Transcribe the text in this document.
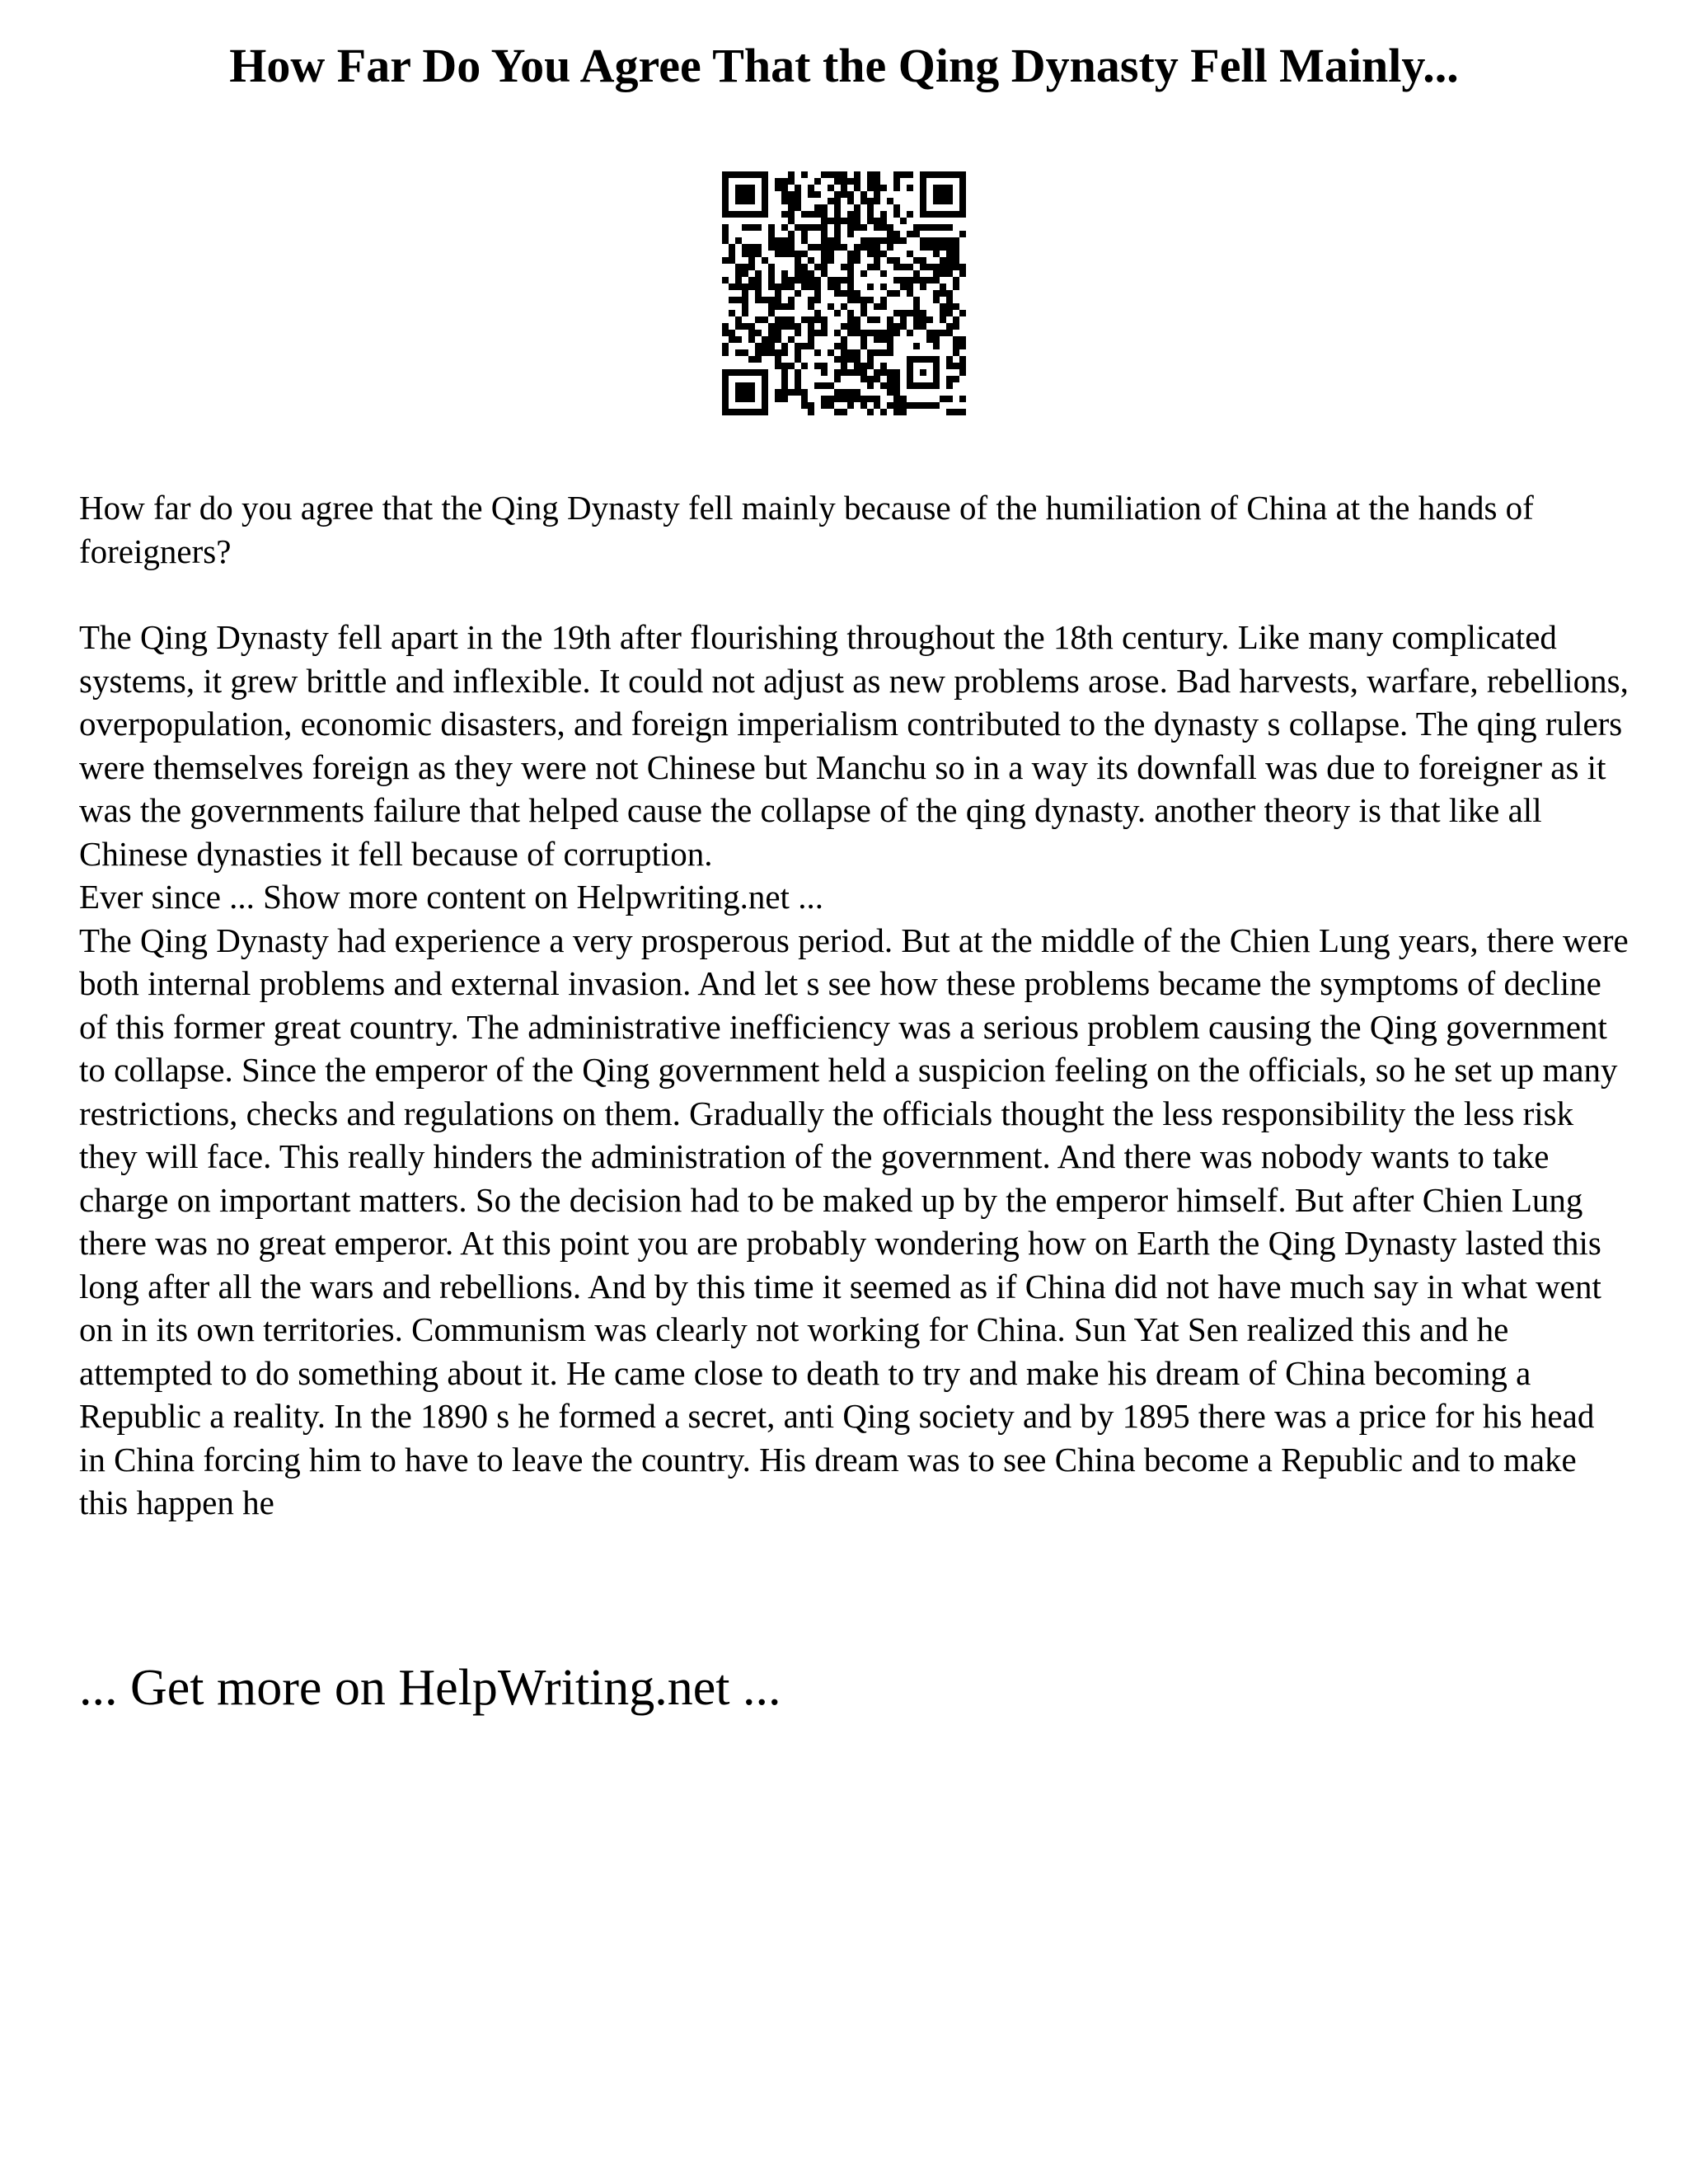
How Far Do You Agree That the Qing Dynasty Fell Mainly...

How far do you agree that the Qing Dynasty fell mainly because of the humiliation of China at the hands of foreigners?

The Qing Dynasty fell apart in the 19th after flourishing throughout the 18th century. Like many complicated systems, it grew brittle and inflexible. It could not adjust as new problems arose. Bad harvests, warfare, rebellions, overpopulation, economic disasters, and foreign imperialism contributed to the dynasty s collapse. The qing rulers were themselves foreign as they were not Chinese but Manchu so in a way its downfall was due to foreigner as it was the governments failure that helped cause the collapse of the qing dynasty. another theory is that like all Chinese dynasties it fell because of corruption.

Ever since ... Show more content on Helpwriting.net ...

The Qing Dynasty had experience a very prosperous period. But at the middle of the Chien Lung years, there were both internal problems and external invasion. And let s see how these problems became the symptoms of decline of this former great country. The administrative inefficiency was a serious problem causing the Qing government to collapse. Since the emperor of the Qing government held a suspicion feeling on the officials, so he set up many restrictions, checks and regulations on them. Gradually the officials thought the less responsibility the less risk they will face. This really hinders the administration of the government. And there was nobody wants to take charge on important matters. So the decision had to be maked up by the emperor himself. But after Chien Lung there was no great emperor. At this point you are probably wondering how on Earth the Qing Dynasty lasted this long after all the wars and rebellions. And by this time it seemed as if China did not have much say in what went on in its own territories. Communism was clearly not working for China. Sun Yat Sen realized this and he attempted to do something about it. He came close to death to try and make his dream of China becoming a Republic a reality. In the 1890 s he formed a secret, anti Qing society and by 1895 there was a price for his head in China forcing him to have to leave the country. His dream was to see China become a Republic and to make this happen he

... Get more on HelpWriting.net ...
